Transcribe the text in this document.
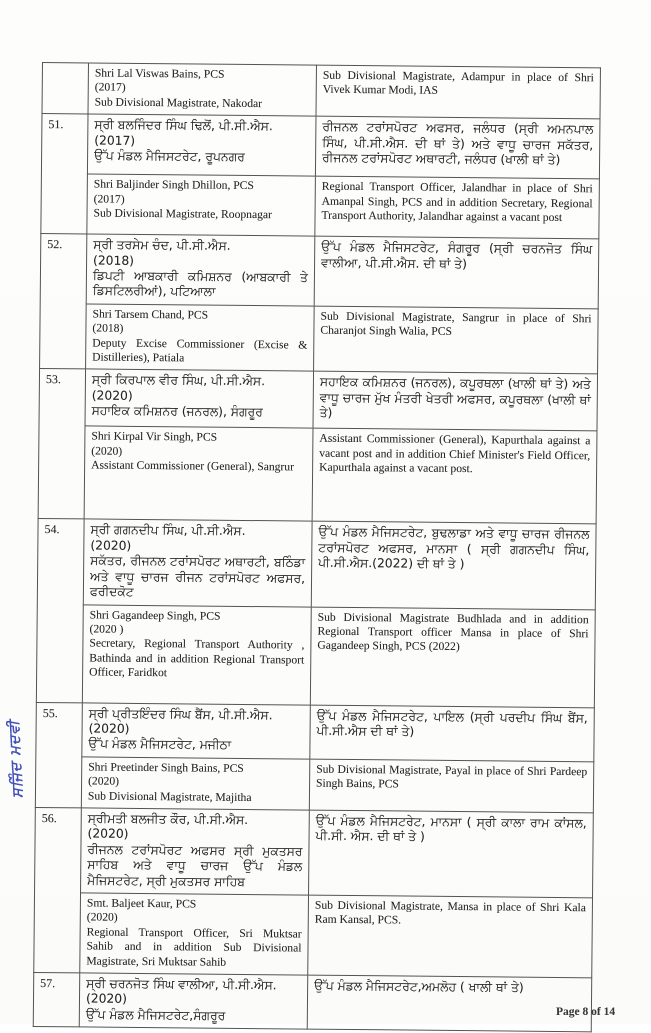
ਸਜਿੰਦ ਮਦਵੀ

	Shri Lal Viswas Bains, PCS
(2017)
Sub Divisional Magistrate, Nakodar	Sub Divisional Magistrate, Adampur in place of Shri Vivek Kumar Modi, IAS
51.	ਸ੍ਰੀ ਬਲਜਿੰਦਰ ਸਿੰਘ ਢਿਲੋਂ, ਪੀ.ਸੀ.ਐਸ.
(2017)
ਉੱਪ ਮੰਡਲ ਮੈਜਿਸਟਰੇਟ, ਰੂਪਨਗਰ	ਰੀਜਨਲ ਟਰਾਂਸਪੋਰਟ ਅਫਸਰ, ਜਲੰਧਰ (ਸ੍ਰੀ ਅਮਨਪਾਲ ਸਿੰਘ, ਪੀ.ਸੀ.ਐਸ. ਦੀ ਥਾਂ ਤੇ) ਅਤੇ ਵਾਧੂ ਚਾਰਜ ਸਕੱਤਰ, ਰੀਜਨਲ ਟਰਾਂਸਪੋਰਟ ਅਥਾਰਟੀ, ਜਲੰਧਰ (ਖਾਲੀ ਥਾਂ ਤੇ)

	Shri Baljinder Singh Dhillon, PCS
(2017)
Sub Divisional Magistrate, Roopnagar	Regional Transport Officer, Jalandhar in place of Shri Amanpal Singh, PCS and in addition Secretary, Regional Transport Authority, Jalandhar against a vacant post
52.	ਸ੍ਰੀ ਤਰਸੇਮ ਚੰਦ, ਪੀ.ਸੀ.ਐਸ.
(2018)
ਡਿਪਟੀ ਆਬਕਾਰੀ ਕਮਿਸ਼ਨਰ (ਆਬਕਾਰੀ ਤੇ ਡਿਸਟਿਲਰੀਆਂ), ਪਟਿਆਲਾ	ਉੱਪ ਮੰਡਲ ਮੈਜਿਸਟਰੇਟ, ਸੰਗਰੂਰ (ਸ੍ਰੀ ਚਰਨਜੋਤ ਸਿੰਘ ਵਾਲੀਆ, ਪੀ.ਸੀ.ਐਸ. ਦੀ ਥਾਂ ਤੇ)

	Shri Tarsem Chand, PCS
(2018)
Deputy Excise Commissioner (Excise & Distilleries), Patiala	Sub Divisional Magistrate, Sangrur in place of Shri Charanjot Singh Walia, PCS
53.	ਸ੍ਰੀ ਕਿਰਪਾਲ ਵੀਰ ਸਿੰਘ, ਪੀ.ਸੀ.ਐਸ.
(2020)
ਸਹਾਇਕ ਕਮਿਸ਼ਨਰ (ਜਨਰਲ), ਸੰਗਰੂਰ	ਸਹਾਇਕ ਕਮਿਸ਼ਨਰ (ਜਨਰਲ), ਕਪੂਰਥਲਾ (ਖਾਲੀ ਥਾਂ ਤੇ) ਅਤੇ ਵਾਧੂ ਚਾਰਜ ਮੁੱਖ ਮੰਤਰੀ ਖੇਤਰੀ ਅਫਸਰ, ਕਪੂਰਥਲਾ (ਖਾਲੀ ਥਾਂ ਤੇ)

	Shri Kirpal Vir Singh, PCS
(2020)
Assistant Commissioner (General), Sangrur	Assistant Commissioner (General), Kapurthala against a vacant post and in addition Chief Minister's Field Officer, Kapurthala against a vacant post.
54.	ਸ੍ਰੀ ਗਗਨਦੀਪ ਸਿੰਘ, ਪੀ.ਸੀ.ਐਸ.
(2020)
ਸਕੱਤਰ, ਰੀਜਨਲ ਟਰਾਂਸਪੋਰਟ ਅਥਾਰਟੀ, ਬਠਿੰਡਾ ਅਤੇ ਵਾਧੂ ਚਾਰਜ ਰੀਜਨ ਟਰਾਂਸਪੋਰਟ ਅਫਸਰ, ਫਰੀਦਕੋਟ	ਉੱਪ ਮੰਡਲ ਮੈਜਿਸਟਰੇਟ, ਬੁਢਲਾਡਾ ਅਤੇ ਵਾਧੂ ਚਾਰਜ ਰੀਜਨਲ ਟਰਾਂਸਪੋਰਟ ਅਫਸਰ, ਮਾਨਸਾ ( ਸ੍ਰੀ ਗਗਨਦੀਪ ਸਿੰਘ, ਪੀ.ਸੀ.ਐਸ.(2022) ਦੀ ਥਾਂ ਤੇ )

	Shri Gagandeep Singh, PCS
(2020 )
Secretary, Regional Transport Authority , Bathinda and in addition Regional Transport Officer, Faridkot	Sub Divisional Magistrate Budhlada and in addition Regional Transport officer Mansa in place of Shri Gagandeep Singh, PCS (2022)
55.	ਸ੍ਰੀ ਪ੍ਰੀਤਇੰਦਰ ਸਿੰਘ ਬੈਂਸ, ਪੀ.ਸੀ.ਐਸ.
(2020)
ਉੱਪ ਮੰਡਲ ਮੈਜਿਸਟਰੇਟ, ਮਜੀਠਾ	ਉੱਪ ਮੰਡਲ ਮੈਜਿਸਟਰੇਟ, ਪਾਇਲ (ਸ੍ਰੀ ਪਰਦੀਪ ਸਿੰਘ ਬੈਂਸ, ਪੀ.ਸੀ.ਐਸ ਦੀ ਥਾਂ ਤੇ)

	Shri Preetinder Singh Bains, PCS
(2020)
Sub Divisional Magistrate, Majitha	Sub Divisional Magistrate, Payal in place of Shri Pardeep Singh Bains, PCS
56.	ਸ੍ਰੀਮਤੀ ਬਲਜੀਤ ਕੌਰ, ਪੀ.ਸੀ.ਐਸ.
(2020)
ਰੀਜਨਲ ਟਰਾਂਸਪੋਰਟ ਅਫਸਰ ਸ੍ਰੀ ਮੁਕਤਸਰ ਸਾਹਿਬ ਅਤੇ ਵਾਧੂ ਚਾਰਜ ਉੱਪ ਮੰਡਲ ਮੈਜਿਸਟਰੇਟ, ਸ੍ਰੀ ਮੁਕਤਸਰ ਸਾਹਿਬ	ਉੱਪ ਮੰਡਲ ਮੈਜਿਸਟਰੇਟ, ਮਾਨਸਾ ( ਸ੍ਰੀ ਕਾਲਾ ਰਾਮ ਕਾਂਸਲ, ਪੀ.ਸੀ. ਐਸ. ਦੀ ਥਾਂ ਤੇ )

	Smt. Baljeet Kaur, PCS
(2020)
Regional Transport Officer, Sri Muktsar Sahib and in addition Sub Divisional Magistrate, Sri Muktsar Sahib	Sub Divisional Magistrate, Mansa in place of Shri Kala Ram Kansal, PCS.
57.	ਸ੍ਰੀ ਚਰਨਜੋਤ ਸਿੰਘ ਵਾਲੀਆ, ਪੀ.ਸੀ.ਐਸ.
(2020)
ਉੱਪ ਮੰਡਲ ਮੈਜਿਸਟਰੇਟ,ਸੰਗਰੂਰ	ਉੱਪ ਮੰਡਲ ਮੈਜਿਸਟਰੇਟ,ਅਮਲੋਹ ( ਖਾਲੀ ਥਾਂ ਤੇ)
Page 8 of 14
